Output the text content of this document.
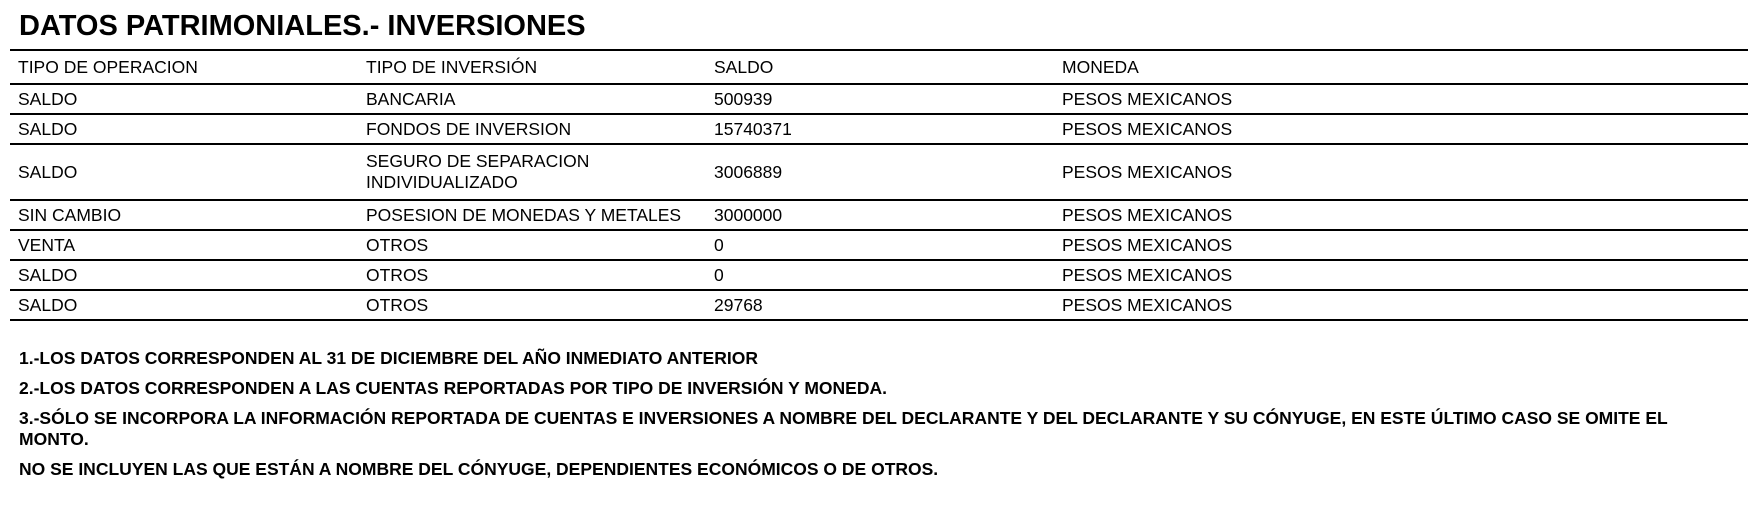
DATOS PATRIMONIALES.- INVERSIONES
TIPO DE OPERACION	TIPO DE INVERSIÓN	SALDO	MONEDA	
SALDO	BANCARIA	500939	PESOS MEXICANOS	
SALDO	FONDOS DE INVERSION	15740371	PESOS MEXICANOS	
SALDO	SEGURO DE SEPARACION INDIVIDUALIZADO	3006889	PESOS MEXICANOS	
SIN CAMBIO	POSESION DE MONEDAS Y METALES	3000000	PESOS MEXICANOS	
VENTA	OTROS	0	PESOS MEXICANOS	
SALDO	OTROS	0	PESOS MEXICANOS	
SALDO	OTROS	29768	PESOS MEXICANOS	

1.-LOS DATOS CORRESPONDEN AL 31 DE DICIEMBRE DEL AÑO INMEDIATO ANTERIOR

2.-LOS DATOS CORRESPONDEN A LAS CUENTAS REPORTADAS POR TIPO DE INVERSIÓN Y MONEDA.

3.-SÓLO SE INCORPORA LA INFORMACIÓN REPORTADA DE CUENTAS E INVERSIONES A NOMBRE DEL DECLARANTE Y DEL DECLARANTE Y SU CÓNYUGE, EN ESTE ÚLTIMO CASO SE OMITE EL MONTO.

NO SE INCLUYEN LAS QUE ESTÁN A NOMBRE DEL CÓNYUGE, DEPENDIENTES ECONÓMICOS O DE OTROS.
